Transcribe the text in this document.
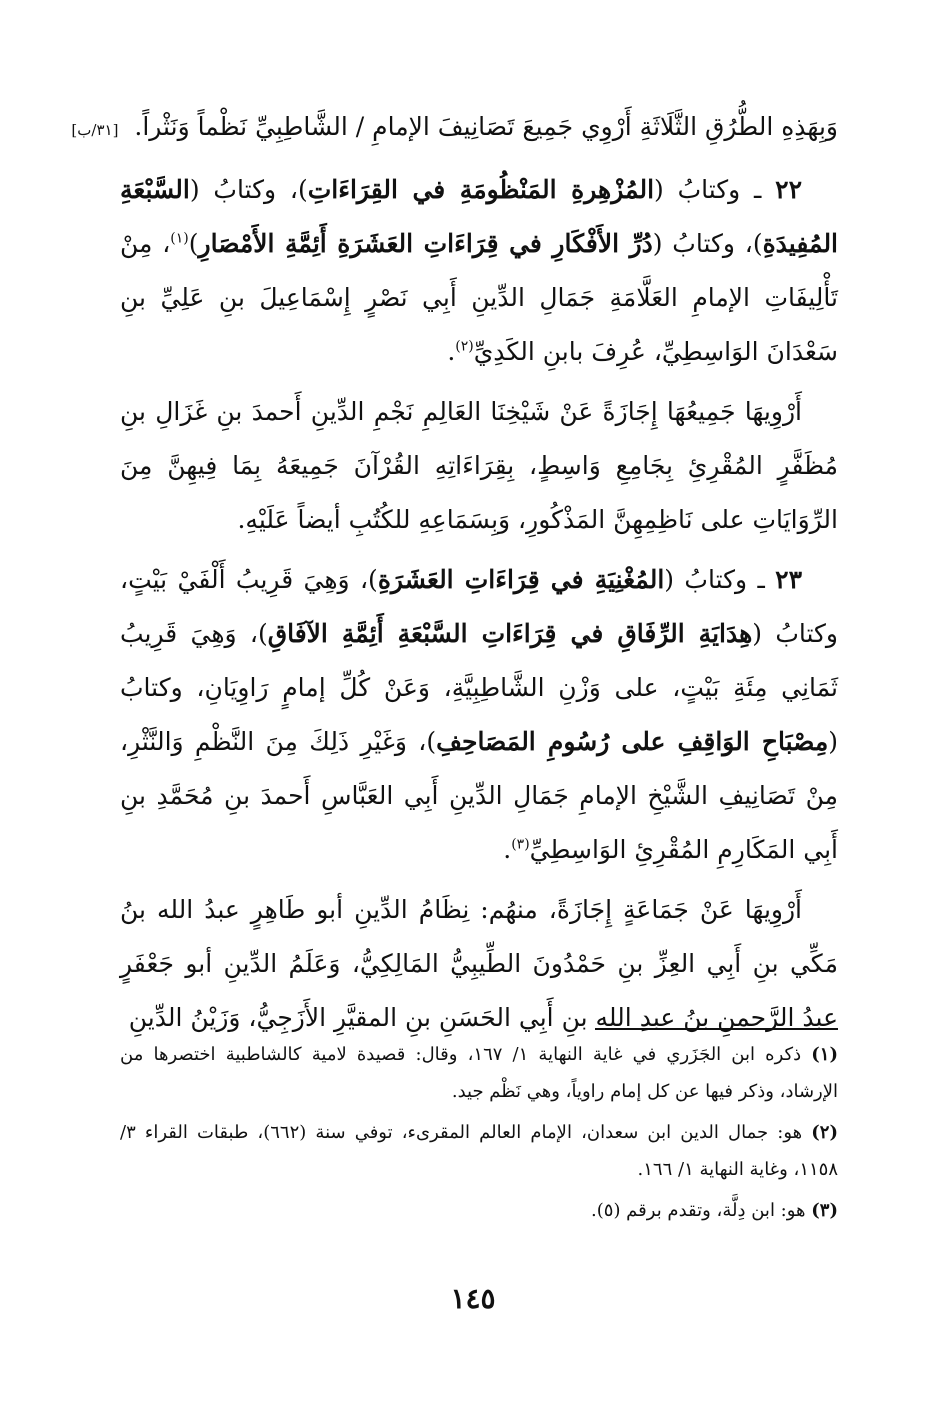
وَبِهَذِهِ الطُّرُقِ الثَّلَاثَةِ أَرْوِي جَمِيعَ تَصَانِيفَ الإمامِ / الشَّاطِبِيِّ نَظْماً وَنَثْراً. [٣١/ب]

٢٢ ـ وكتابُ (المُزْهِرةِ المَنْظُومَةِ في القِرَاءَاتِ)، وكتابُ (السَّبْعَةِ المُفِيدَةِ)، وكتابُ (دُرِّ الأَفْكَارِ في قِرَاءَاتِ العَشَرَةِ أَئِمَّةِ الأَمْصَارِ)$^{(١)}$، مِنْ تَأْلِيفَاتِ الإمامِ العَلَّامَةِ جَمَالِ الدِّينِ أَبِي نَصْرٍ إِسْمَاعِيلَ بنِ عَلِيِّ بنِ سَعْدَانَ الوَاسِطِيِّ، عُرِفَ بابنِ الكَدِيِّ$^{(٢)}$.

أَرْوِيهَا جَمِيعُهَا إِجَازَةً عَنْ شَيْخِنَا العَالِمِ نَجْمِ الدِّينِ أَحمدَ بنِ غَزَالِ بنِ مُظَفَّرٍ المُقْرِئِ بِجَامِعِ وَاسِطٍ، بِقِرَاءَاتِهِ القُرْآنَ جَمِيعَهُ بِمَا فِيهِنَّ مِنَ الرِّوَايَاتِ على نَاظِمِهِنَّ المَذْكُورِ، وَبِسَمَاعِهِ للكُتُبِ أيضاً عَلَيْهِ.

٢٣ ـ وكتابُ (المُغْنِيَةِ في قِرَاءَاتِ العَشَرَةِ)، وَهِيَ قَرِيبُ أَلْفَيْ بَيْتٍ، وكتابُ (هِدَايَةِ الرِّفَاقِ في قِرَاءَاتِ السَّبْعَةِ أَئِمَّةِ الآفَاقِ)، وَهِيَ قَرِيبُ ثَمَانِي مِئَةِ بَيْتٍ، على وَزْنِ الشَّاطِبِيَّةِ، وَعَنْ كُلِّ إمامٍ رَاوِيَانِ، وكتابُ (مِصْبَاحِ الوَاقِفِ على رُسُومِ المَصَاحِفِ)، وَغَيْرِ ذَلِكَ مِنَ النَّظْمِ وَالنَّثْرِ، مِنْ تَصَانِيفِ الشَّيْخِ الإمامِ جَمَالِ الدِّينِ أَبِي العَبَّاسِ أَحمدَ بنِ مُحَمَّدِ بنِ أَبِي المَكَارِمِ المُقْرِئِ الوَاسِطِيِّ$^{(٣)}$.

أَرْوِيهَا عَنْ جَمَاعَةٍ إِجَازَةً، منهُم: نِظَامُ الدِّينِ أبو طَاهِرٍ عبدُ الله بنُ مَكِّي بنِ أَبِي العِزِّ بنِ حَمْدُونَ الطِّيبِيُّ المَالِكِيُّ، وَعَلَمُ الدِّينِ أبو جَعْفَرٍ عبدُ الرَّحمنِ بنُ عبدِ الله بنِ أَبِي الحَسَنِ بنِ المقيَّرِ الأَزَجِيُّ، وَزَيْنُ الدِّينِ

(١) ذكره ابن الجَزَري في غاية النهاية ١/ ١٦٧، وقال: قصيدة لامية كالشاطبية اختصرها من الإرشاد، وذكر فيها عن كل إمام راوياً، وهي نَظْم جيد.

(٢) هو: جمال الدين ابن سعدان، الإمام العالم المقرىء، توفي سنة (٦٦٢)، طبقات القراء ٣/ ١١٥٨، وغاية النهاية ١/ ١٦٦.

(٣) هو: ابن دِلَّة، وتقدم برقم (٥).

١٤٥
